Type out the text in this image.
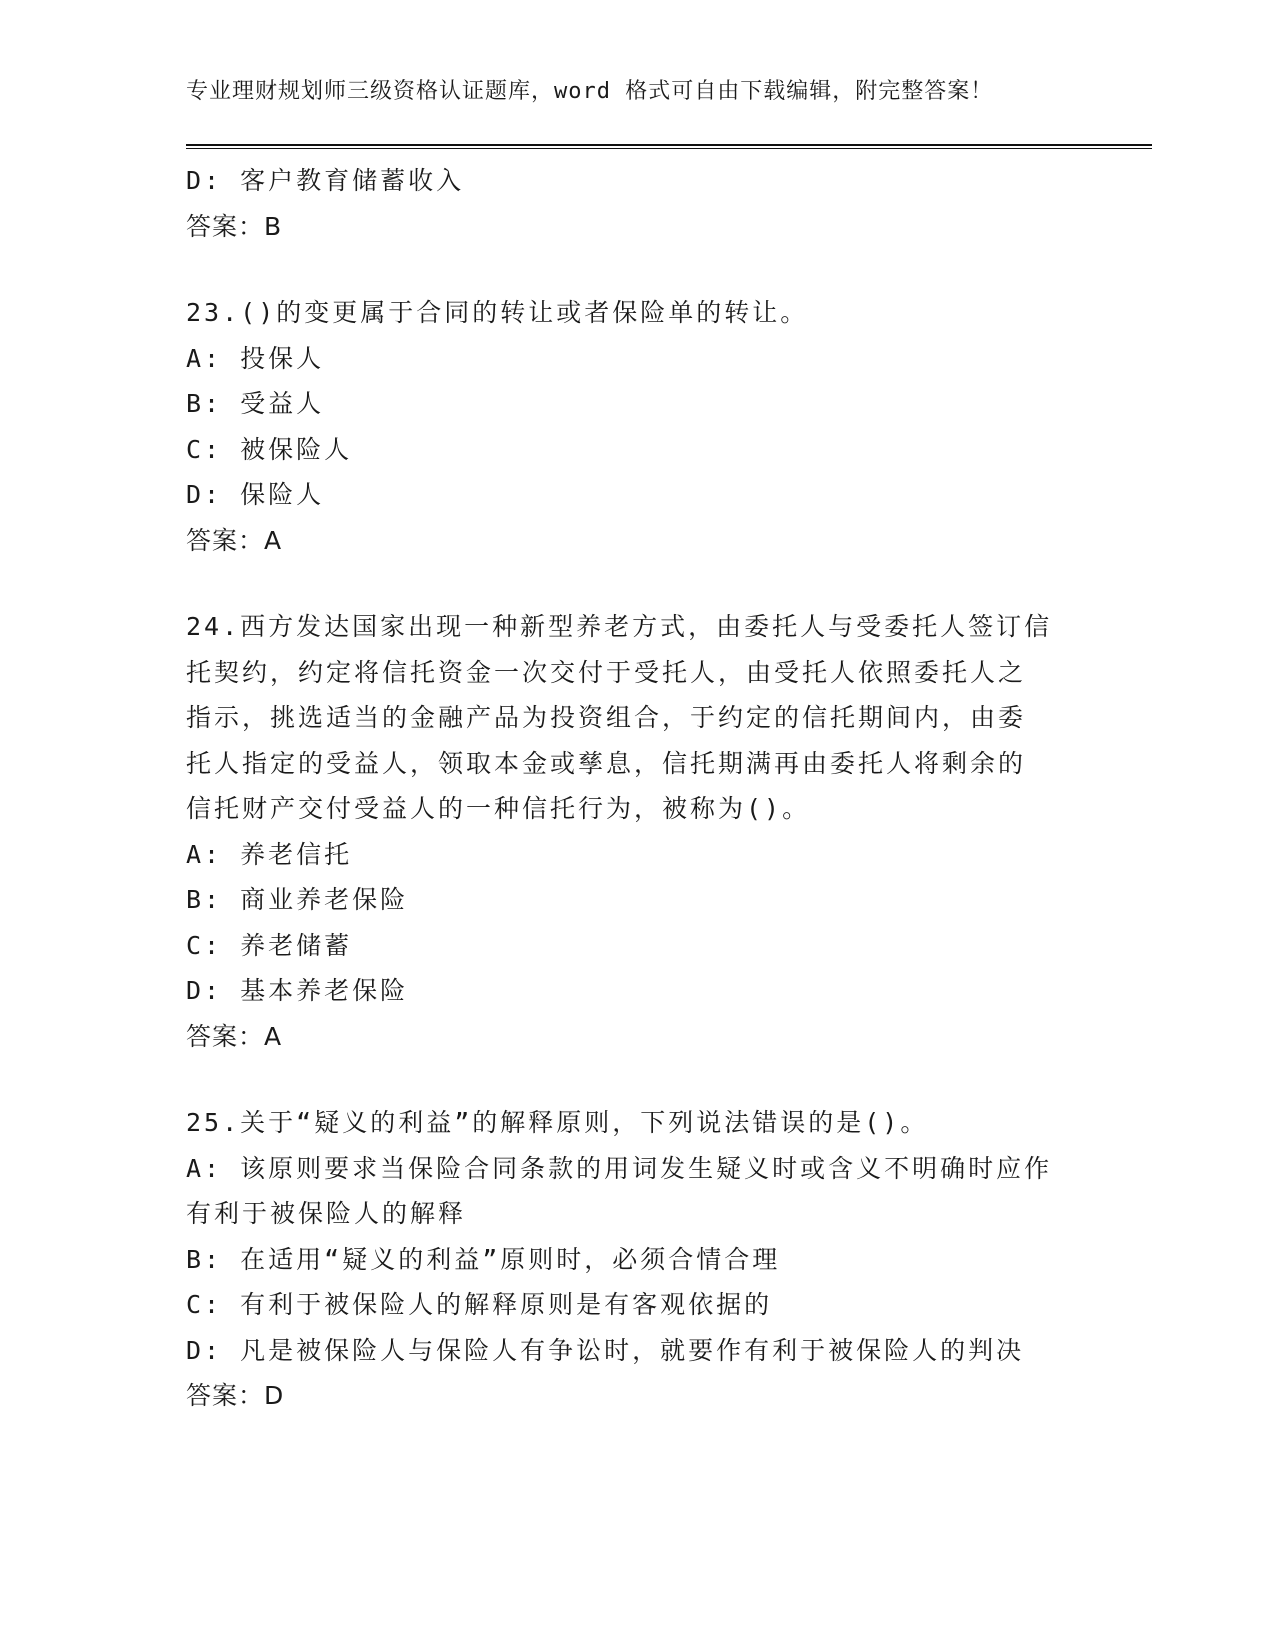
专业理财规划师三级资格认证题库，word 格式可自由下载编辑，附完整答案！
D: 客户教育储蓄收入
答案：B
23.()的变更属于合同的转让或者保险单的转让。
A: 投保人
B: 受益人
C: 被保险人
D: 保险人
答案：A
24.西方发达国家出现一种新型养老方式，由委托人与受委托人签订信
托契约，约定将信托资金一次交付于受托人，由受托人依照委托人之
指示，挑选适当的金融产品为投资组合，于约定的信托期间内，由委
托人指定的受益人，领取本金或孳息，信托期满再由委托人将剩余的
信托财产交付受益人的一种信托行为，被称为()。
A: 养老信托
B: 商业养老保险
C: 养老储蓄
D: 基本养老保险
答案：A
25.关于“疑义的利益”的解释原则，下列说法错误的是()。
A: 该原则要求当保险合同条款的用词发生疑义时或含义不明确时应作
有利于被保险人的解释
B: 在适用“疑义的利益”原则时，必须合情合理
C: 有利于被保险人的解释原则是有客观依据的
D: 凡是被保险人与保险人有争讼时，就要作有利于被保险人的判决
答案：D
